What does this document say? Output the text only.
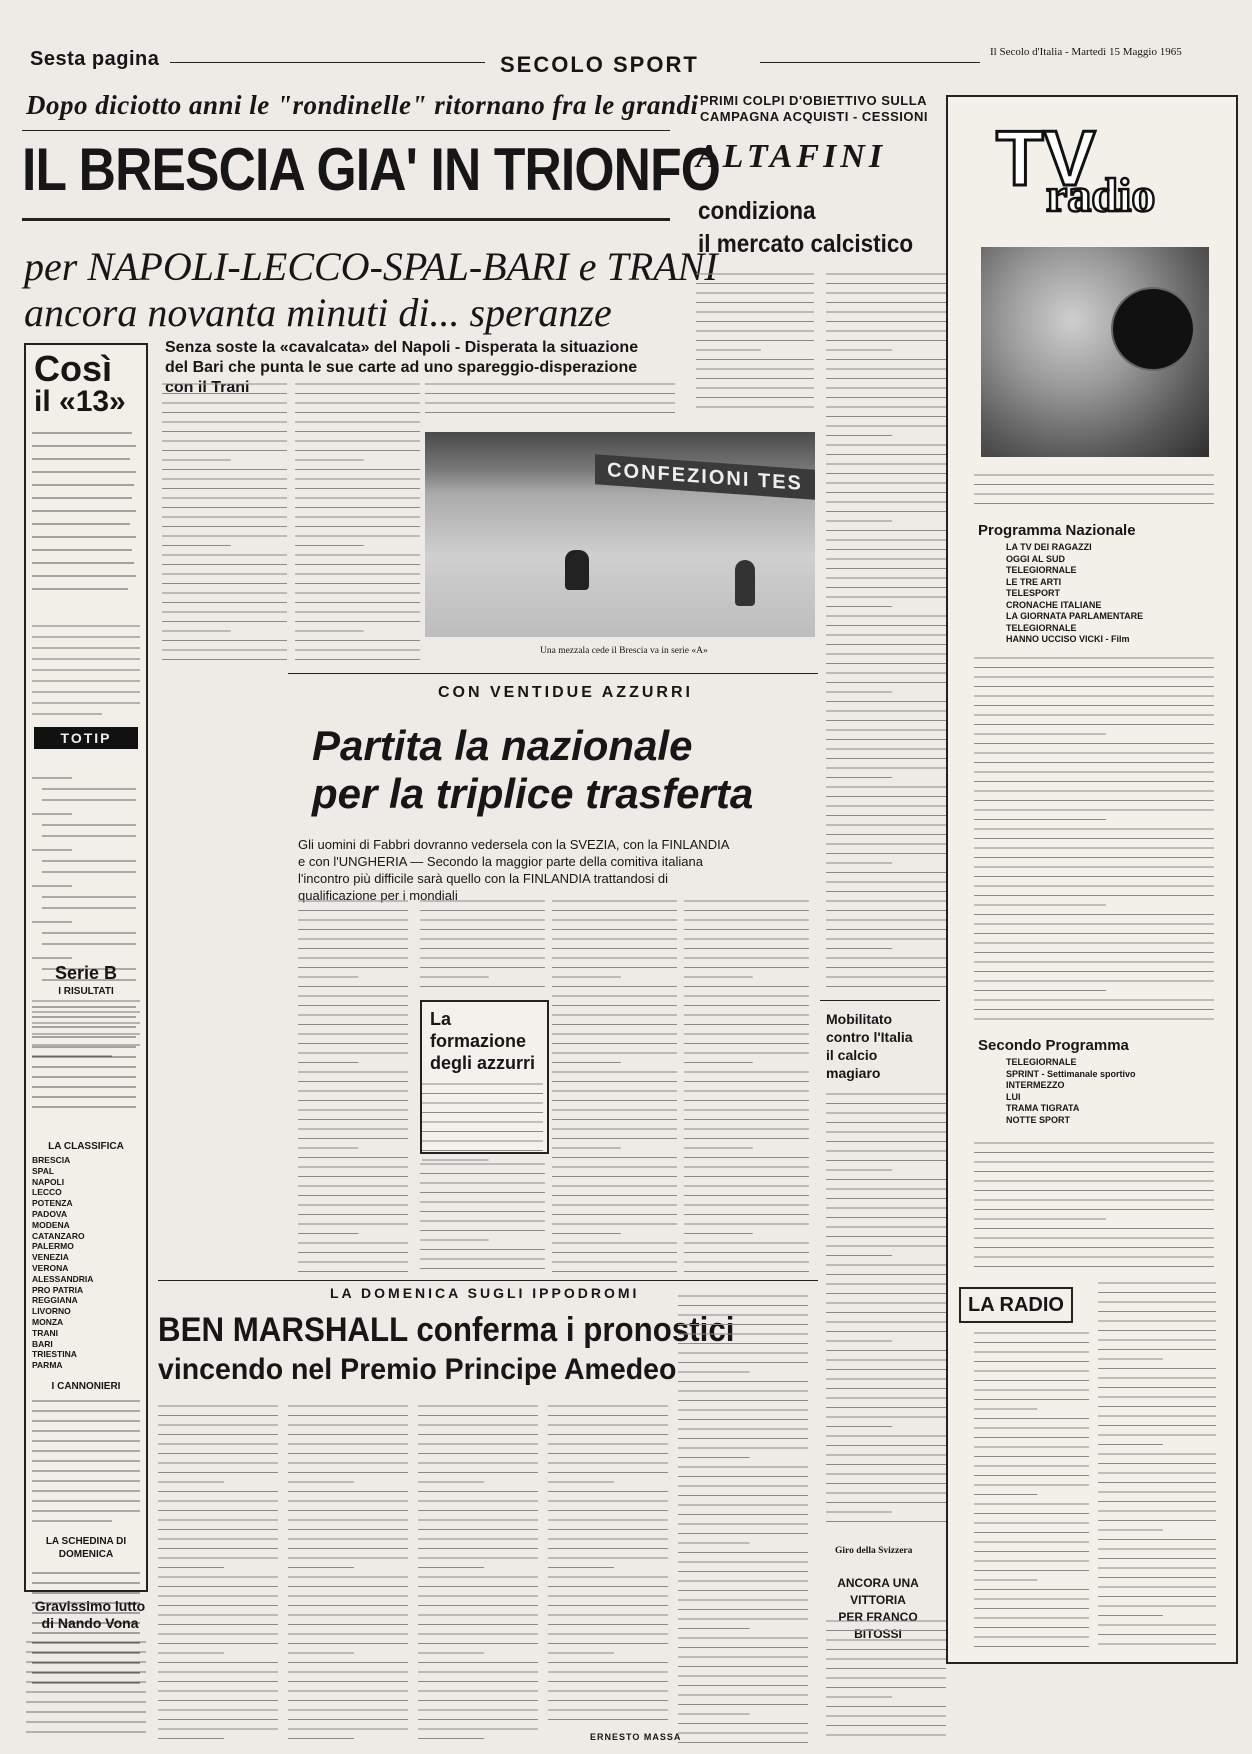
Sesta pagina	SECOLO SPORT	Il Secolo d'Italia - Martedì 15 Maggio 1965
Dopo diciotto anni le "rondinelle" ritornano fra le grandi
IL BRESCIA GIA' IN TRIONFO
per NAPOLI-LECCO-SPAL-BARI e TRANI
ancora novanta minuti di... speranze
Senza soste la «cavalcata» del Napoli - Disperata la situazione del Bari che punta le sue carte ad uno spareggio-disperazione con il Trani
Così
il «13»
TOTIP
Serie B
I RISULTATI
LA CLASSIFICA
BRESCIA
SPAL
NAPOLI
LECCO
POTENZA
PADOVA
MODENA
CATANZARO
PALERMO
VENEZIA
VERONA
ALESSANDRIA
PRO PATRIA
REGGIANA
LIVORNO
MONZA
TRANI
BARI
TRIESTINA
PARMA
I CANNONIERI
LA SCHEDINA DI DOMENICA
Gravissimo lutto
di Nando Vona
CONFEZIONI TES
Una mezzala cede il Brescia va in serie «A»
CON VENTIDUE AZZURRI
Partita la nazionale
per la triplice trasferta
Gli uomini di Fabbri dovranno vedersela con la SVEZIA, con la FINLANDIA e con l'UNGHERIA — Secondo la maggior parte della comitiva italiana l'incontro più difficile sarà quello con la FINLANDIA trattandosi di qualificazione per i mondiali
La formazione
degli azzurri
LA DOMENICA SUGLI IPPODROMI
BEN MARSHALL conferma i pronostici
vincendo nel Premio Principe Amedeo
ERNESTO MASSA
PRIMI COLPI D'OBIETTIVO SULLA
CAMPAGNA ACQUISTI - CESSIONI
ALTAFINI
condiziona
il mercato calcistico
Mobilitato
contro l'Italia
il calcio
magiaro
Giro della Svizzera
ANCORA UNA VITTORIA
PER FRANCO BITOSSI
TV
radio
Programma Nazionale
LA TV DEI RAGAZZI
OGGI AL SUD
TELEGIORNALE
LE TRE ARTI
TELESPORT
CRONACHE ITALIANE
LA GIORNATA PARLAMENTARE
TELEGIORNALE
HANNO UCCISO VICKI - Film
Secondo Programma
TELEGIORNALE
SPRINT - Settimanale sportivo
INTERMEZZO
LUI
TRAMA TIGRATA
NOTTE SPORT
LA RADIO
